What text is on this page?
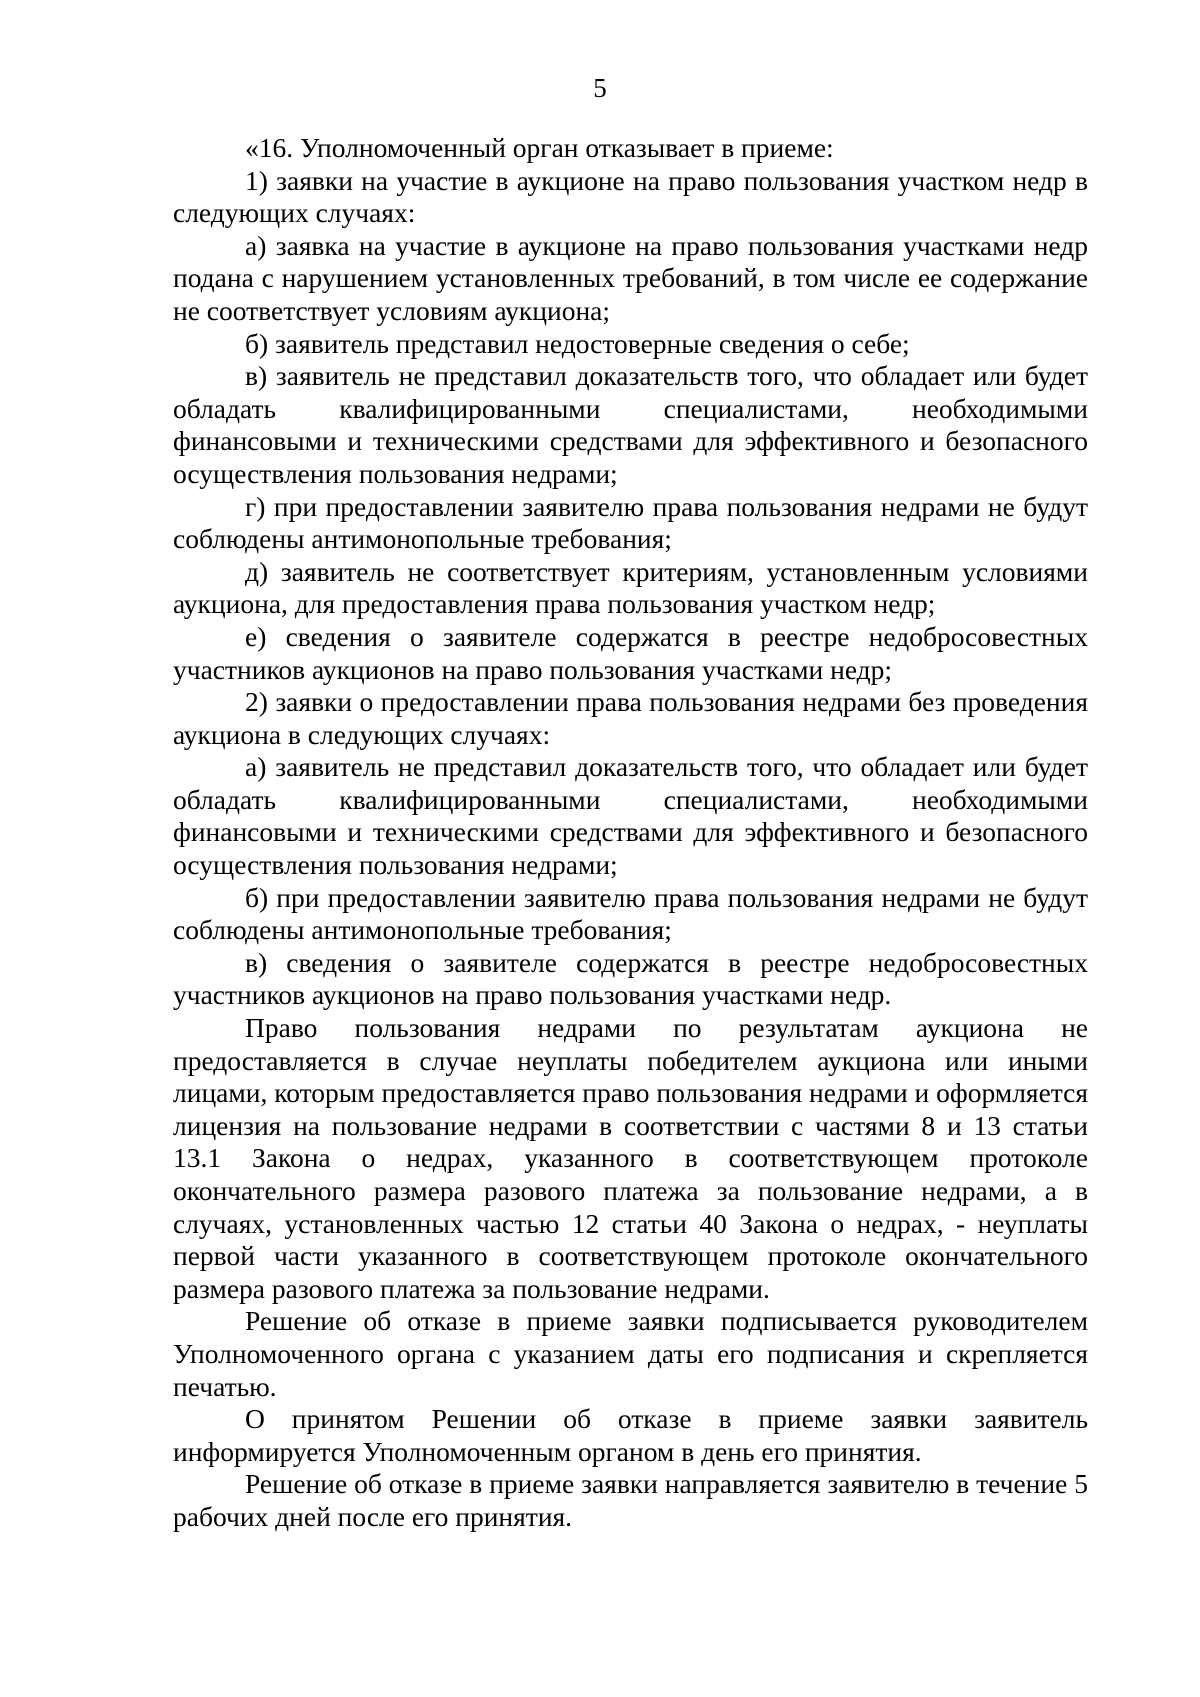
5

«16. Уполномоченный орган отказывает в приеме:

1) заявки на участие в аукционе на право пользования участком недр в следующих случаях:

а) заявка на участие в аукционе на право пользования участками недр подана с нарушением установленных требований, в том числе ее содержание не соответствует условиям аукциона;

б) заявитель представил недостоверные сведения о себе;

в) заявитель не представил доказательств того, что обладает или будет обладать квалифицированными специалистами, необходимыми финансовыми и техническими средствами для эффективного и безопасного осуществления пользования недрами;

г) при предоставлении заявителю права пользования недрами не будут соблюдены антимонопольные требования;

д) заявитель не соответствует критериям, установленным условиями аукциона, для предоставления права пользования участком недр;

е) сведения о заявителе содержатся в реестре недобросовестных участников аукционов на право пользования участками недр;

2) заявки о предоставлении права пользования недрами без проведения аукциона в следующих случаях:

а) заявитель не представил доказательств того, что обладает или будет обладать квалифицированными специалистами, необходимыми финансовыми и техническими средствами для эффективного и безопасного осуществления пользования недрами;

б) при предоставлении заявителю права пользования недрами не будут соблюдены антимонопольные требования;

в) сведения о заявителе содержатся в реестре недобросовестных участников аукционов на право пользования участками недр.

Право пользования недрами по результатам аукциона не предоставляется в случае неуплаты победителем аукциона или иными лицами, которым предоставляется право пользования недрами и оформляется лицензия на пользование недрами в соответствии с частями 8 и 13 статьи 13.1 Закона о недрах, указанного в соответствующем протоколе окончательного размера разового платежа за пользование недрами, а в случаях, установленных частью 12 статьи 40 Закона о недрах, - неуплаты первой части указанного в соответствующем протоколе окончательного размера разового платежа за пользование недрами.

Решение об отказе в приеме заявки подписывается руководителем Уполномоченного органа с указанием даты его подписания и скрепляется печатью.

О принятом Решении об отказе в приеме заявки заявитель информируется Уполномоченным органом в день его принятия.

Решение об отказе в приеме заявки направляется заявителю в течение 5 рабочих дней после его принятия.
